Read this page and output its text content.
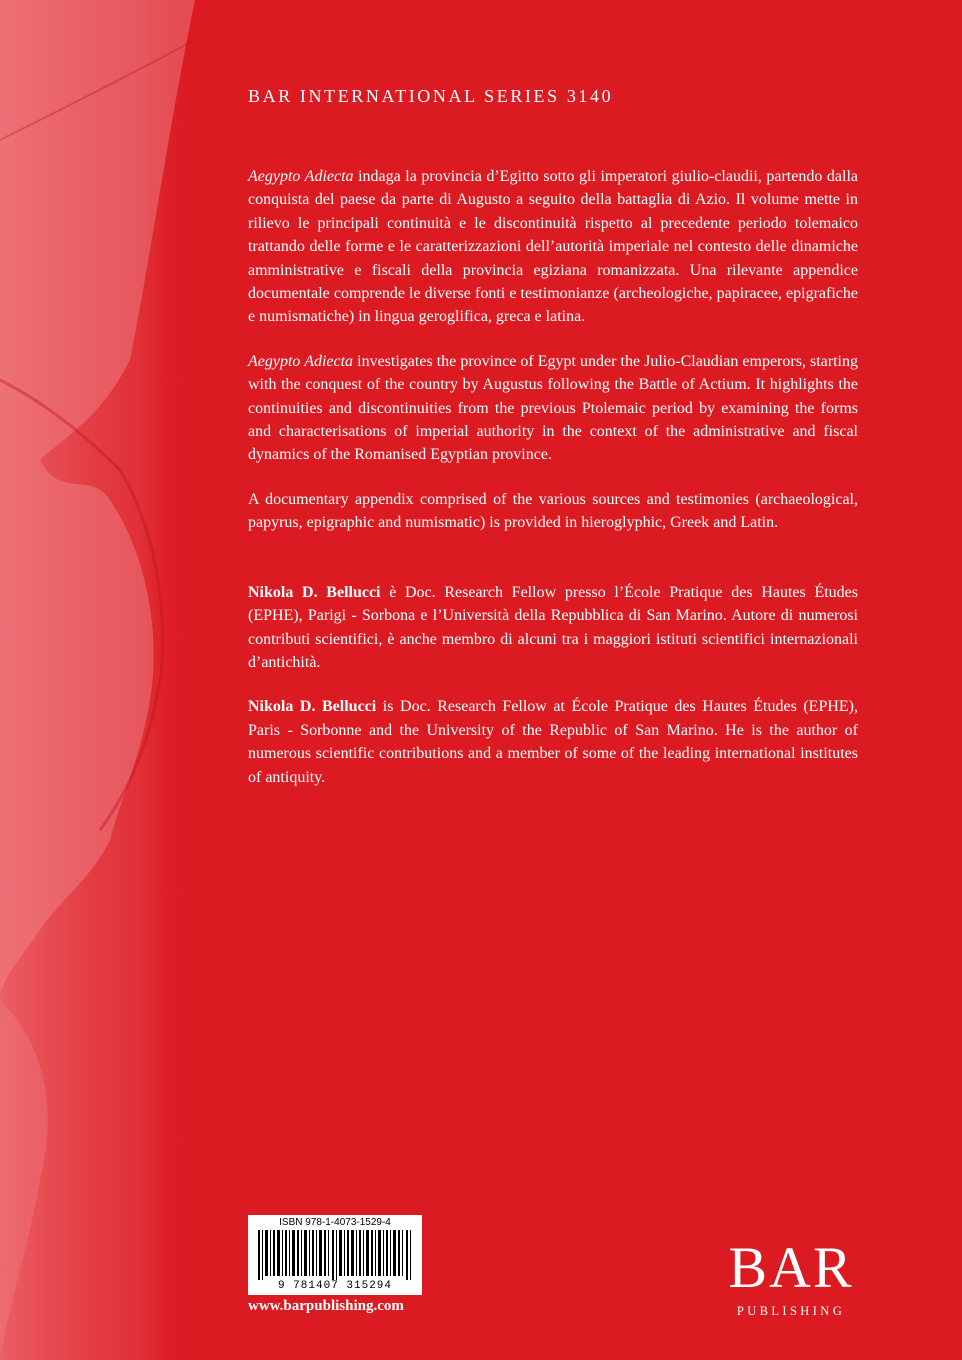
BAR INTERNATIONAL SERIES 3140

Aegypto Adiecta indaga la provincia d’Egitto sotto gli imperatori giulio-claudii, partendo dalla conquista del paese da parte di Augusto a seguito della battaglia di Azio. Il volume mette in rilievo le principali continuità e le discontinuità rispetto al precedente periodo tolemaico trattando delle forme e le caratterizzazioni dell’autorità imperiale nel contesto delle dinamiche amministrative e fiscali della provincia egiziana romanizzata. Una rilevante appendice documentale comprende le diverse fonti e testimonianze (archeologiche, papiracee, epigrafiche e numismatiche) in lingua geroglifica, greca e latina.

Aegypto Adiecta investigates the province of Egypt under the Julio-Claudian emperors, starting with the conquest of the country by Augustus following the Battle of Actium. It highlights the continuities and discontinuities from the previous Ptolemaic period by examining the forms and characterisations of imperial authority in the context of the administrative and fiscal dynamics of the Romanised Egyptian province.

A documentary appendix comprised of the various sources and testimonies (archaeological, papyrus, epigraphic and numismatic) is provided in hieroglyphic, Greek and Latin.

Nikola D. Bellucci è Doc. Research Fellow presso l’École Pratique des Hautes Études (EPHE), Parigi - Sorbona e l’Università della Repubblica di San Marino. Autore di numerosi contributi scientifici, è anche membro di alcuni tra i maggiori istituti scientifici internazionali d’antichità.

Nikola D. Bellucci is Doc. Research Fellow at École Pratique des Hautes Études (EPHE), Paris - Sorbonne and the University of the Republic of San Marino. He is the author of numerous scientific contributions and a member of some of the leading international institutes of antiquity.

ISBN 978-1-4073-1529-4
9 781407 315294
www.barpublishing.com
BAR
PUBLISHING
